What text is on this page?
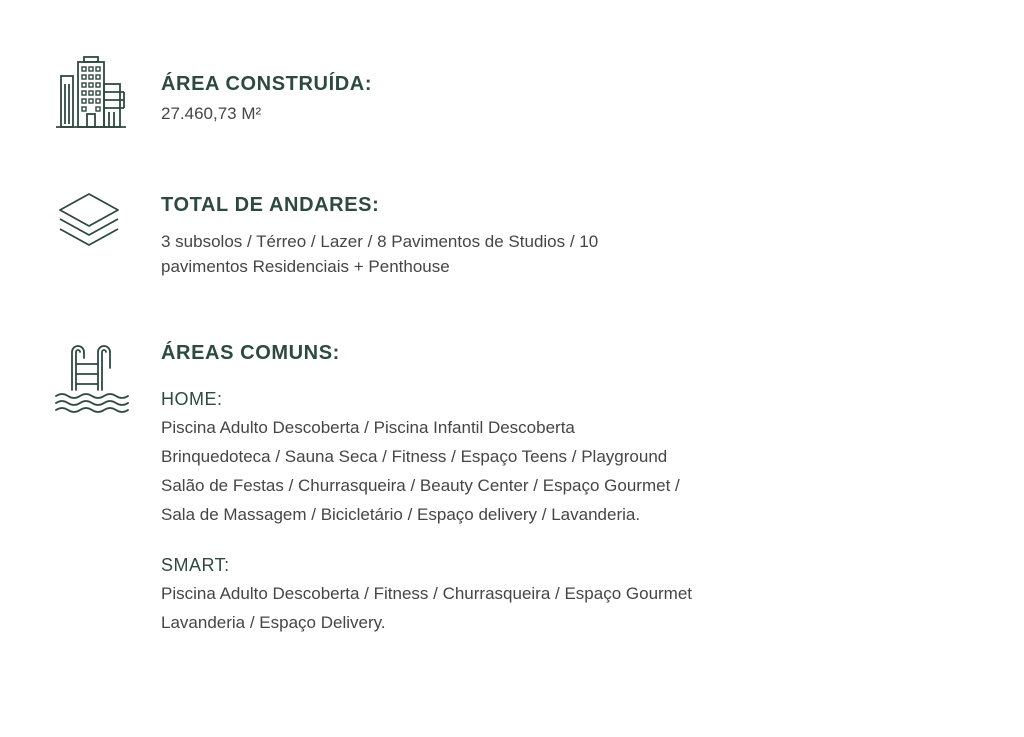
ÁREA CONSTRUÍDA:

27.460,73 M²

TOTAL DE ANDARES:

3 subsolos / Térreo / Lazer / 8 Pavimentos de Studios / 10

pavimentos Residenciais + Penthouse

ÁREAS COMUNS:

HOME:

Piscina Adulto Descoberta / Piscina Infantil Descoberta

Brinquedoteca / Sauna Seca / Fitness / Espaço Teens / Playground

Salão de Festas / Churrasqueira / Beauty Center / Espaço Gourmet /

Sala de Massagem / Bicicletário / Espaço delivery / Lavanderia.

SMART:

Piscina Adulto Descoberta / Fitness / Churrasqueira / Espaço Gourmet

Lavanderia / Espaço Delivery.
